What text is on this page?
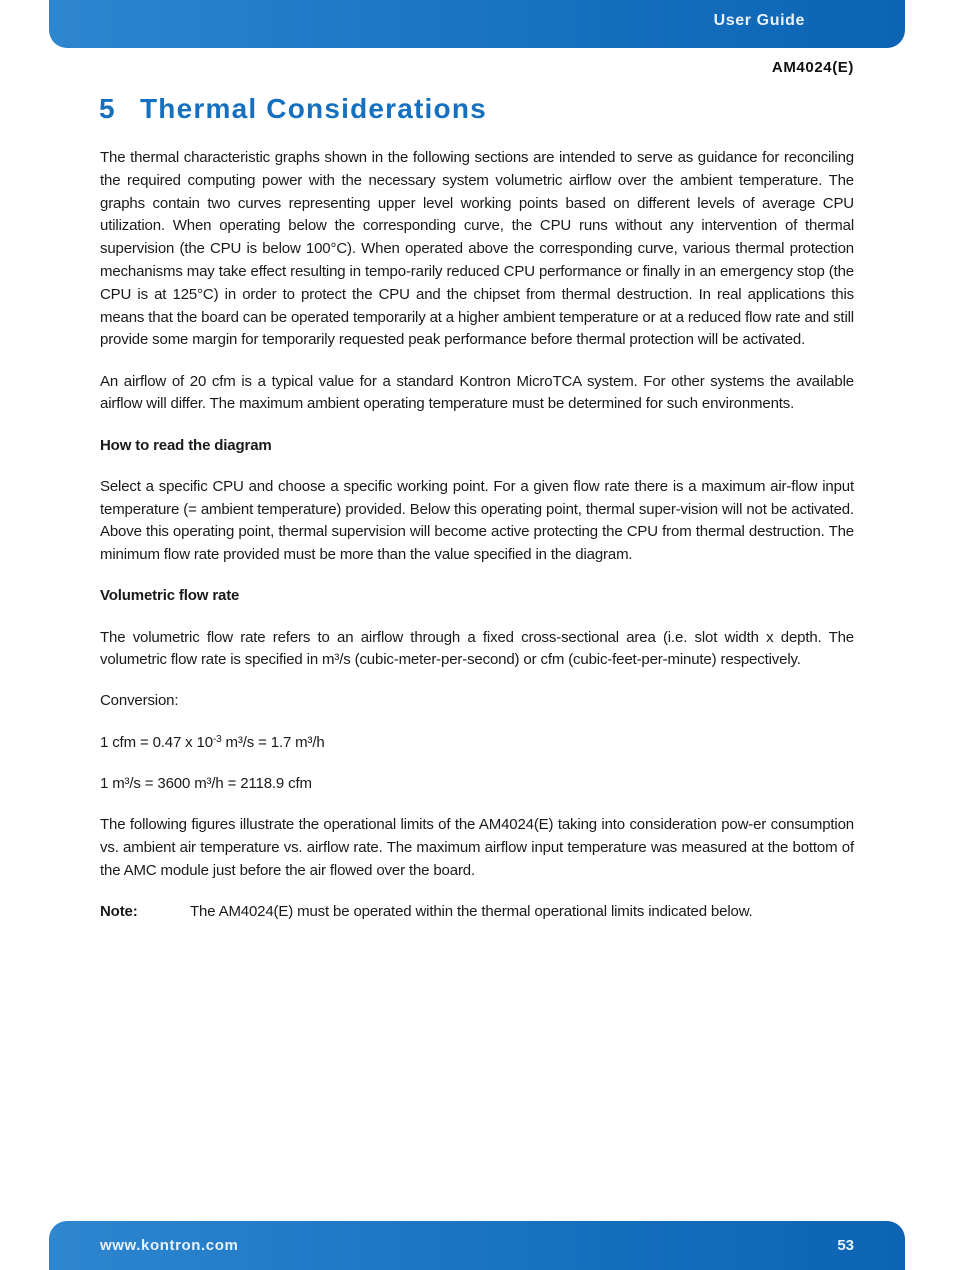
User Guide
AM4024(E)
5 Thermal Considerations

The thermal characteristic graphs shown in the following sections are intended to serve as guidance for reconciling the required computing power with the necessary system volumetric airflow over the ambient temperature. The graphs contain two curves representing upper level working points based on different levels of average CPU utilization. When operating below the corresponding curve, the CPU runs without any intervention of thermal supervision (the CPU is below 100°C). When operated above the corresponding curve, various thermal protection mechanisms may take effect resulting in tempo-rarily reduced CPU performance or finally in an emergency stop (the CPU is at 125°C) in order to protect the CPU and the chipset from thermal destruction. In real applications this means that the board can be operated temporarily at a higher ambient temperature or at a reduced flow rate and still provide some margin for temporarily requested peak performance before thermal protection will be activated.

An airflow of 20 cfm is a typical value for a standard Kontron MicroTCA system. For other systems the available airflow will differ. The maximum ambient operating temperature must be determined for such environments.

How to read the diagram

Select a specific CPU and choose a specific working point. For a given flow rate there is a maximum air-flow input temperature (= ambient temperature) provided. Below this operating point, thermal super-vision will not be activated. Above this operating point, thermal supervision will become active protecting the CPU from thermal destruction. The minimum flow rate provided must be more than the value specified in the diagram.

Volumetric flow rate

The volumetric flow rate refers to an airflow through a fixed cross-sectional area (i.e. slot width x depth. The volumetric flow rate is specified in m³/s (cubic-meter-per-second) or cfm (cubic-feet-per-minute) respectively.

Conversion:

1 cfm = 0.47 x $10^{-3}$ m³/s = 1.7 m³/h

1 m³/s = 3600 m³/h = 2118.9 cfm

The following figures illustrate the operational limits of the AM4024(E) taking into consideration pow-er consumption vs. ambient air temperature vs. airflow rate. The maximum airflow input temperature was measured at the bottom of the AMC module just before the air flowed over the board.

Note:	The AM4024(E) must be operated within the thermal operational limits indicated below.
www.kontron.com	53
